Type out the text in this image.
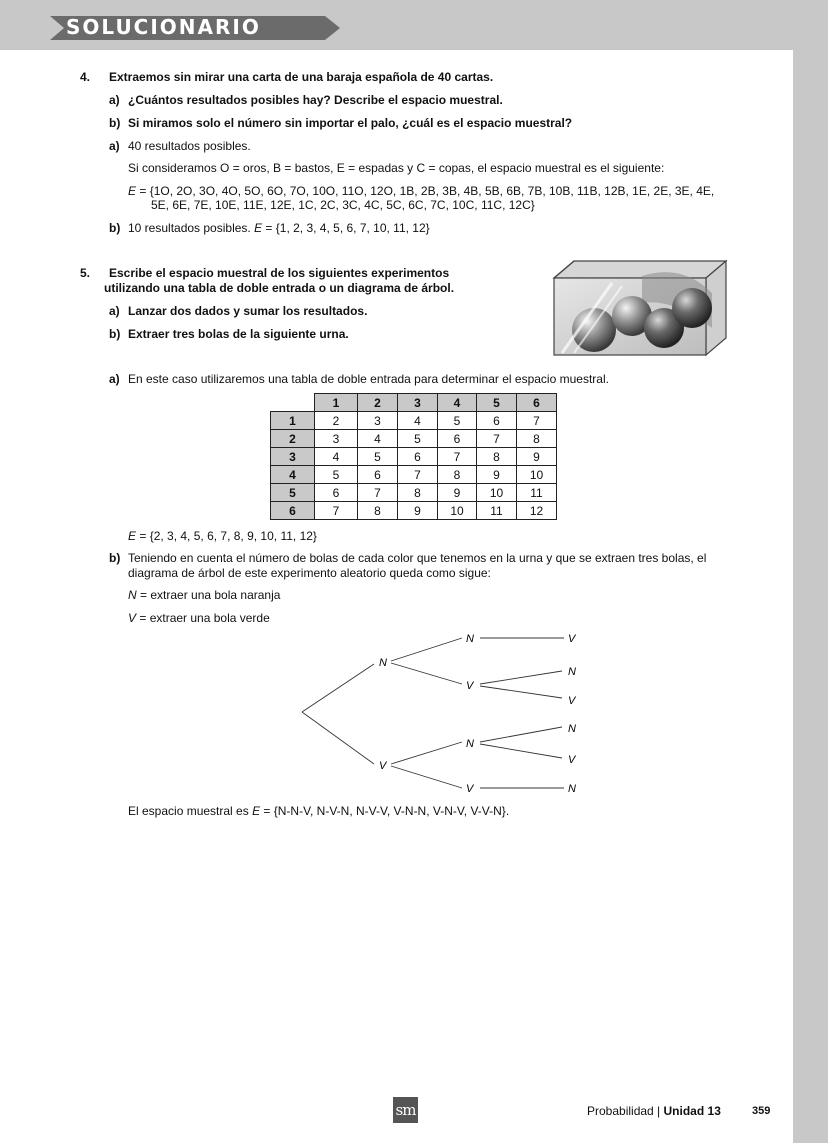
SOLUCIONARIO
4. Extraemos sin mirar una carta de una baraja española de 40 cartas.
a) ¿Cuántos resultados posibles hay? Describe el espacio muestral.
b) Si miramos solo el número sin importar el palo, ¿cuál es el espacio muestral?
a) 40 resultados posibles.
Si consideramos O = oros, B = bastos, E = espadas y C = copas, el espacio muestral es el siguiente:
E = {1O, 2O, 3O, 4O, 5O, 6O, 7O, 10O, 11O, 12O, 1B, 2B, 3B, 4B, 5B, 6B, 7B, 10B, 11B, 12B, 1E, 2E, 3E, 4E,
5E, 6E, 7E, 10E, 11E, 12E, 1C, 2C, 3C, 4C, 5C, 6C, 7C, 10C, 11C, 12C}
b) 10 resultados posibles. E = {1, 2, 3, 4, 5, 6, 7, 10, 11, 12}
5. Escribe el espacio muestral de los siguientes experimentos
utilizando una tabla de doble entrada o un diagrama de árbol.
a) Lanzar dos dados y sumar los resultados.
b) Extraer tres bolas de la siguiente urna.
a) En este caso utilizaremos una tabla de doble entrada para determinar el espacio muestral.
	1	2	3	4	5	6
1	2	3	4	5	6	7
2	3	4	5	6	7	8
3	4	5	6	7	8	9
4	5	6	7	8	9	10
5	6	7	8	9	10	11
6	7	8	9	10	11	12
E = {2, 3, 4, 5, 6, 7, 8, 9, 10, 11, 12}
b) Teniendo en cuenta el número de bolas de cada color que tenemos en la urna y que se extraen tres bolas, el
diagrama de árbol de este experimento aleatorio queda como sigue:
N = extraer una bola naranja
V = extraer una bola verde
N
V
N
V
N
V
V
N
V
N
V
N
El espacio muestral es E = {N-N-V, N-V-N, N-V-V, V-N-N, V-N-V, V-V-N}.
sm	Probabilidad | Unidad 13	359
